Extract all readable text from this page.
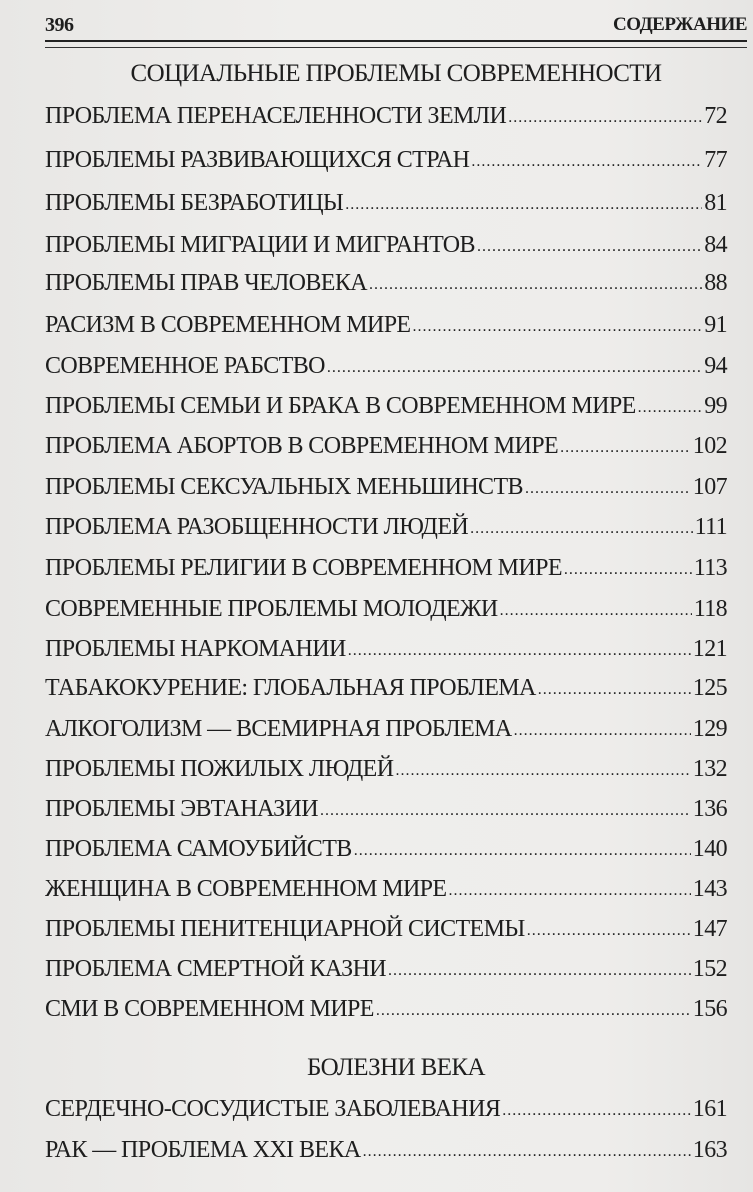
396	СОДЕРЖАНИЕ
СОЦИАЛЬНЫЕ ПРОБЛЕМЫ СОВРЕМЕННОСТИ
ПРОБЛЕМА ПЕРЕНАСЕЛЕННОСТИ ЗЕМЛИ .....	72
ПРОБЛЕМЫ РАЗВИВАЮЩИХСЯ СТРАН .....	77
ПРОБЛЕМЫ БЕЗРАБОТИЦЫ .....	81
ПРОБЛЕМЫ МИГРАЦИИ И МИГРАНТОВ .....	84
ПРОБЛЕМЫ ПРАВ ЧЕЛОВЕКА .....	88
РАСИЗМ В СОВРЕМЕННОМ МИРЕ .....	91
СОВРЕМЕННОЕ РАБСТВО .....	94
ПРОБЛЕМЫ СЕМЬИ И БРАКА В СОВРЕМЕННОМ МИРЕ .....	99
ПРОБЛЕМА АБОРТОВ В СОВРЕМЕННОМ МИРЕ .....	102
ПРОБЛЕМЫ СЕКСУАЛЬНЫХ МЕНЬШИНСТВ .....	107
ПРОБЛЕМА РАЗОБЩЕННОСТИ ЛЮДЕЙ .....	111
ПРОБЛЕМЫ РЕЛИГИИ В СОВРЕМЕННОМ МИРЕ .....	113
СОВРЕМЕННЫЕ ПРОБЛЕМЫ МОЛОДЕЖИ .....	118
ПРОБЛЕМЫ НАРКОМАНИИ .....	121
ТАБАКОКУРЕНИЕ: ГЛОБАЛЬНАЯ ПРОБЛЕМА .....	125
АЛКОГОЛИЗМ — ВСЕМИРНАЯ ПРОБЛЕМА .....	129
ПРОБЛЕМЫ ПОЖИЛЫХ ЛЮДЕЙ .....	132
ПРОБЛЕМЫ ЭВТАНАЗИИ .....	136
ПРОБЛЕМА САМОУБИЙСТВ .....	140
ЖЕНЩИНА В СОВРЕМЕННОМ МИРЕ .....	143
ПРОБЛЕМЫ ПЕНИТЕНЦИАРНОЙ СИСТЕМЫ .....	147
ПРОБЛЕМА СМЕРТНОЙ КАЗНИ .....	152
СМИ В СОВРЕМЕННОМ МИРЕ .....	156
БОЛЕЗНИ ВЕКА
СЕРДЕЧНО-СОСУДИСТЫЕ ЗАБОЛЕВАНИЯ .....	161
РАК — ПРОБЛЕМА XXI ВЕКА .....	163
